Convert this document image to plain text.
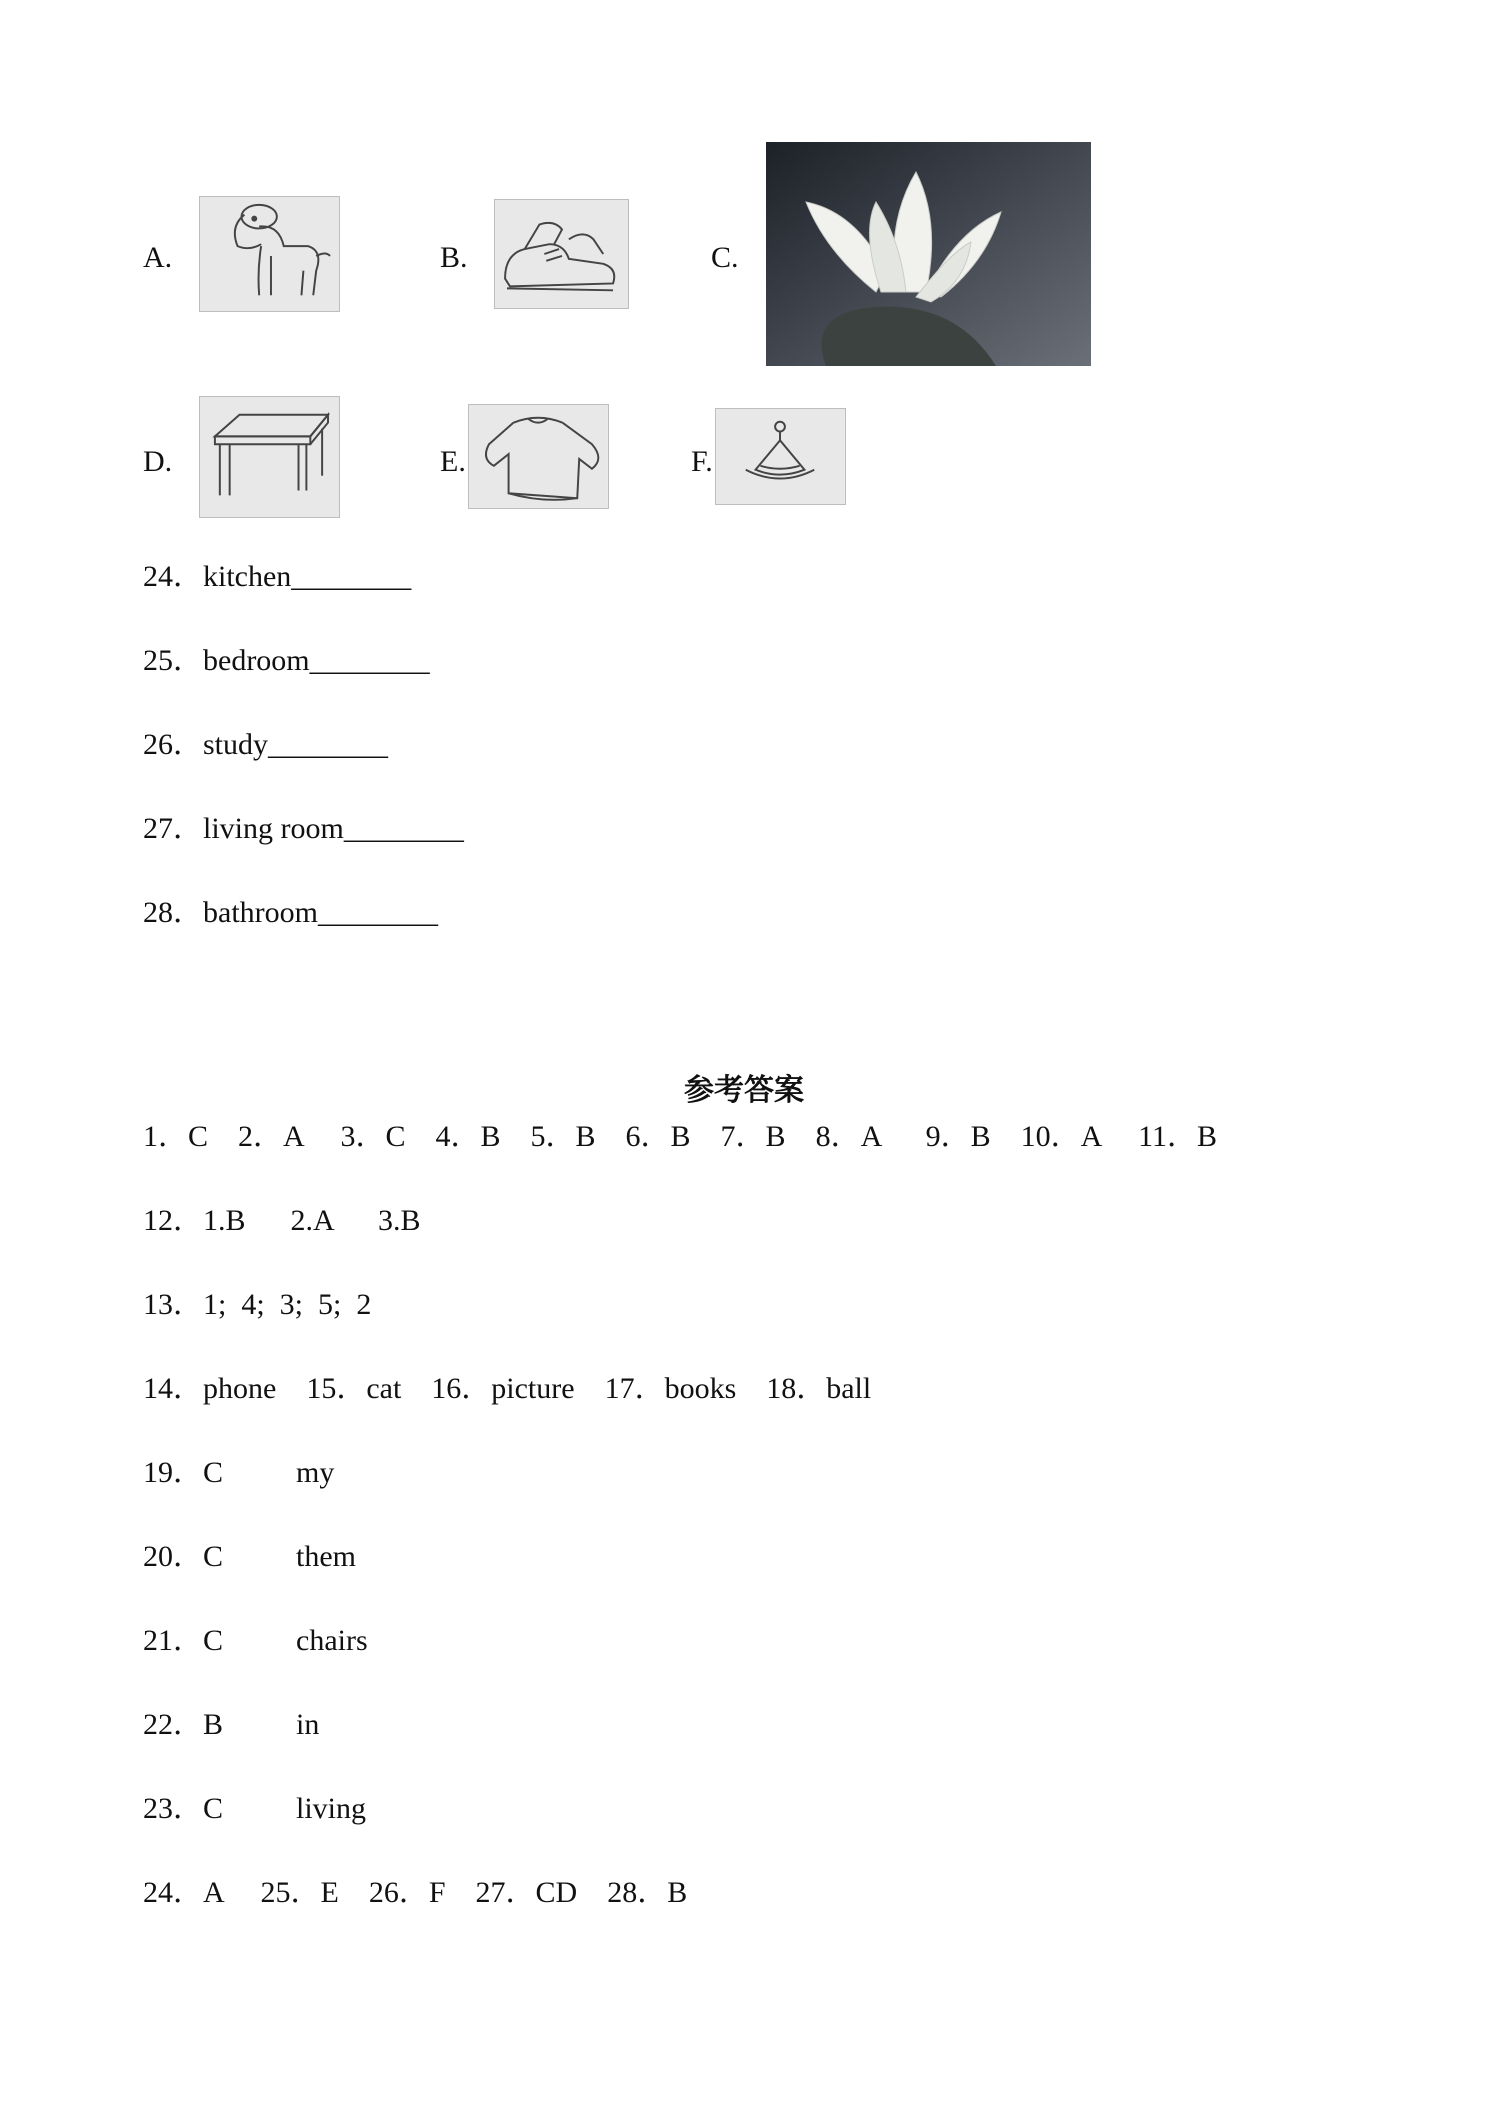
A.	B.	C.
D.	E.	F.
24．kitchen________
25．bedroom________
26．study________
27．living room________
28．bathroom________
参考答案
1．C    2．A     3．C    4．B    5．B    6．B    7．B    8．A      9．B    10．A     11．B
12．1.B      2.A      3.B
13．1;  4;  3;  5;  2
14．phone    15．cat    16．picture    17．books    18．ball
19．C my
20．C them
21．C chairs
22．B in
23．C living
24．A     25．E    26．F    27．CD    28．B
